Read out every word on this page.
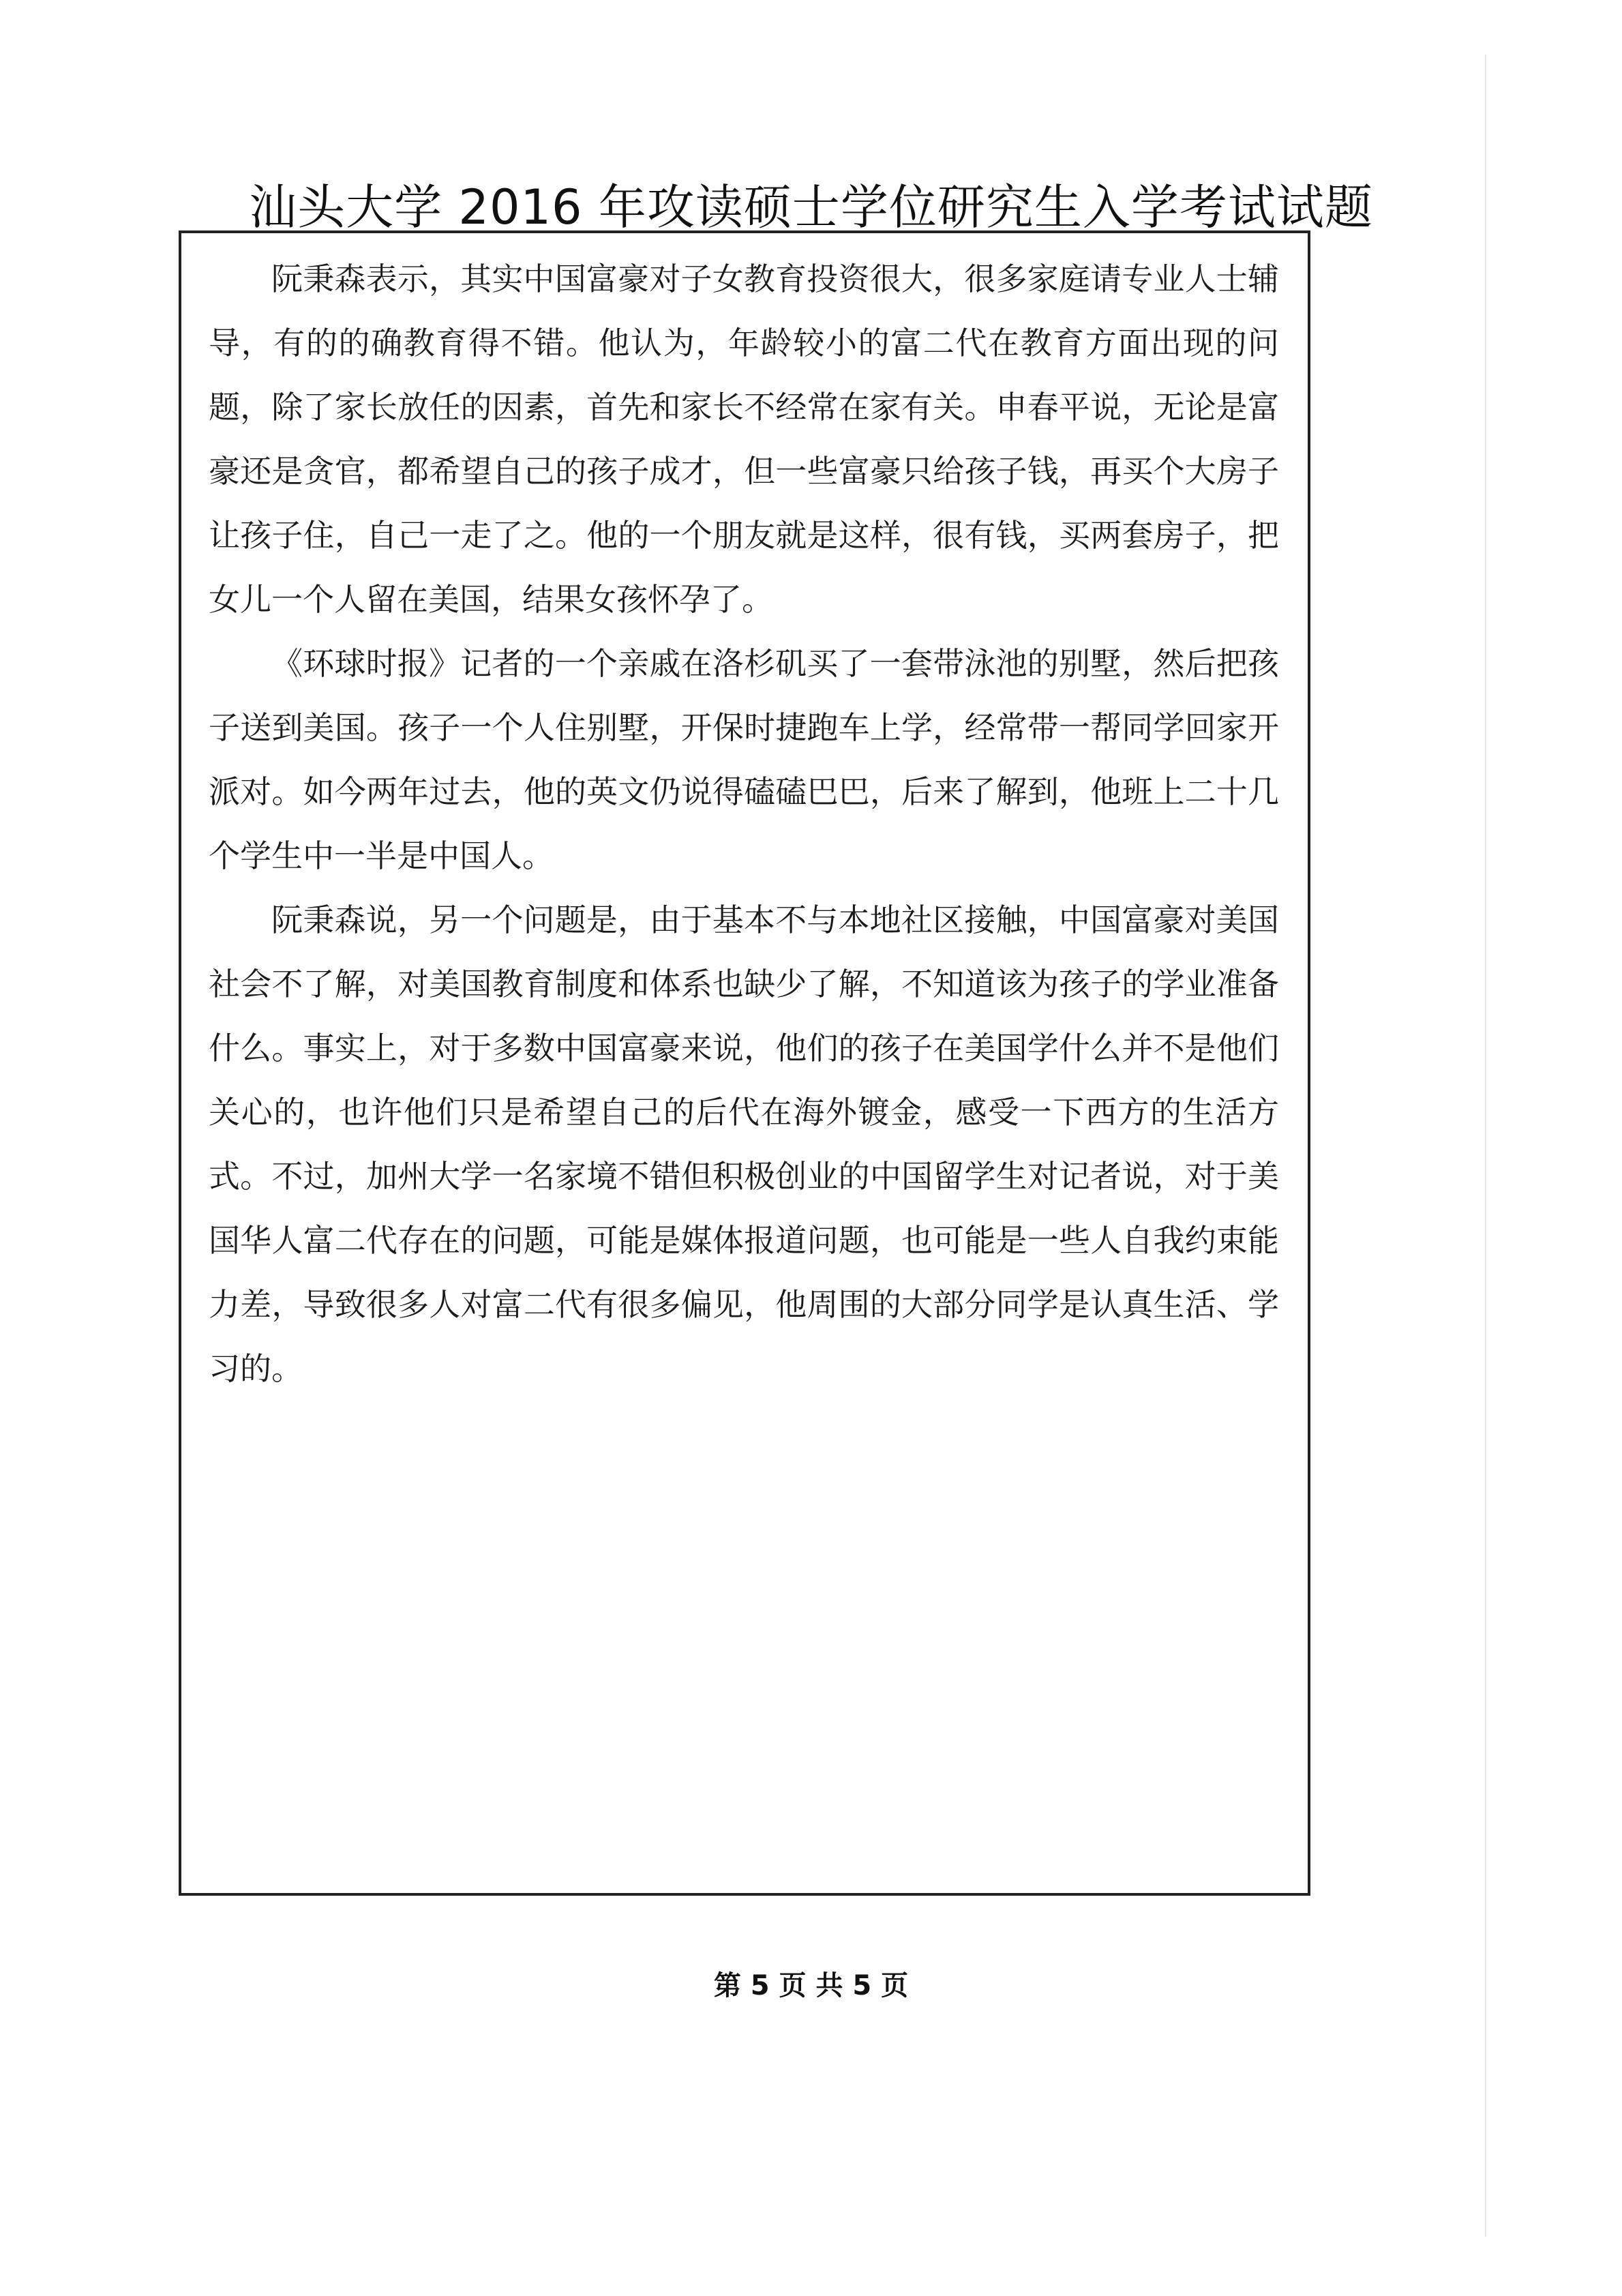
汕头大学 2016 年攻读硕士学位研究生入学考试试题

阮秉森表示，其实中国富豪对子女教育投资很大，很多家庭请专业人士辅导，有的的确教育得不错。他认为，年龄较小的富二代在教育方面出现的问题，除了家长放任的因素，首先和家长不经常在家有关。申春平说，无论是富豪还是贪官，都希望自己的孩子成才，但一些富豪只给孩子钱，再买个大房子让孩子住，自己一走了之。他的一个朋友就是这样，很有钱，买两套房子，把女儿一个人留在美国，结果女孩怀孕了。

《环球时报》记者的一个亲戚在洛杉矶买了一套带泳池的别墅，然后把孩子送到美国。孩子一个人住别墅，开保时捷跑车上学，经常带一帮同学回家开派对。如今两年过去，他的英文仍说得磕磕巴巴，后来了解到，他班上二十几个学生中一半是中国人。

阮秉森说，另一个问题是，由于基本不与本地社区接触，中国富豪对美国社会不了解，对美国教育制度和体系也缺少了解，不知道该为孩子的学业准备什么。事实上，对于多数中国富豪来说，他们的孩子在美国学什么并不是他们关心的，也许他们只是希望自己的后代在海外镀金，感受一下西方的生活方式。不过，加州大学一名家境不错但积极创业的中国留学生对记者说，对于美国华人富二代存在的问题，可能是媒体报道问题，也可能是一些人自我约束能力差，导致很多人对富二代有很多偏见，他周围的大部分同学是认真生活、学习的。

第 5 页 共 5 页
